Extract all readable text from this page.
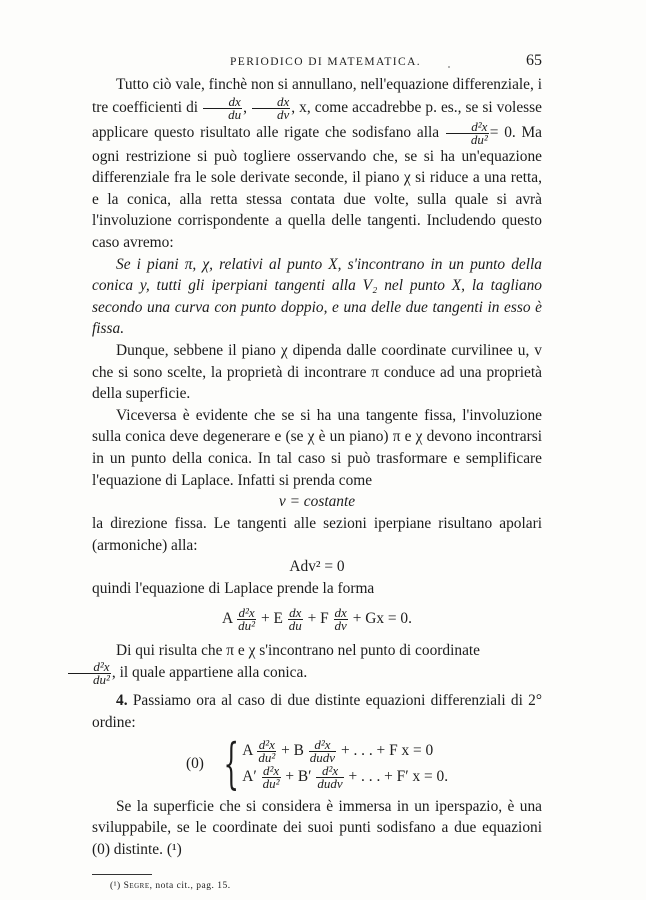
PERIODICO DI MATEMATICA.	65

Tutto ciò vale, finchè non si annullano, nell'equazione differenziale, i tre coefficienti di $\frac{dx}{du}$ , $\frac{dx}{dv}$ , x, come accadrebbe p. es., se si volesse applicare questo risultato alle rigate che sodisfano alla $\frac{\text{d²x}}{\text{du²}} = 0$. Ma ogni restrizione si può togliere osservando che, se si ha un'equazione differenziale fra le sole derivate seconde, il piano χ si riduce a una retta, e la conica, alla retta stessa contata due volte, sulla quale si avrà l'involuzione corrispondente a quella delle tangenti. Includendo questo caso avremo:

Se i piani π, χ, relativi al punto X, s'incontrano in un punto della conica y, tutti gli iperpiani tangenti alla V₂ nel punto X, la tagliano secondo una curva con punto doppio, e una delle due tangenti in esso è fissa.

Dunque, sebbene il piano χ dipenda dalle coordinate curvilinee u, v che si sono scelte, la proprietà di incontrare π conduce ad una proprietà della superficie.

Viceversa è evidente che se si ha una tangente fissa, l'involuzione sulla conica deve degenerare e (se χ è un piano) π e χ devono incontrarsi in un punto della conica. In tal caso si può trasformare e semplificare l'equazione di Laplace. Infatti si prenda come

v = costante

la direzione fissa. Le tangenti alle sezioni iperpiane risultano apolari (armoniche) alla:

Adv² = 0

quindi l'equazione di Laplace prende la forma

A $\frac{\text{d²x}}{\text{du²}} + E \frac{dx}{du} + F \frac{dx}{dv} + Gx = 0$.

Di qui risulta che π e χ s'incontrano nel punto di coordinate

$\frac{\text{d²x}}{\text{du²}}$ , il quale appartiene alla conica.

4. Passiamo ora al caso di due distinte equazioni differenziali di 2° ordine:

(0) { A $\frac{\text{d²x}}{\text{du²}} + B \frac{\text{d²x}}{\text{dudv}}$ + . . . + F x = 0
$A' \frac{\text{d²x}}{\text{du²}} + B' \frac{\text{d²x}}{\text{dudv}}$ + . . . + F′ x = 0.

Se la superficie che si considera è immersa in un iperspazio, è una sviluppabile, se le coordinate dei suoi punti sodisfano a due equazioni (0) distinte. (¹)

(¹) Segre, nota cit., pag. 15.
